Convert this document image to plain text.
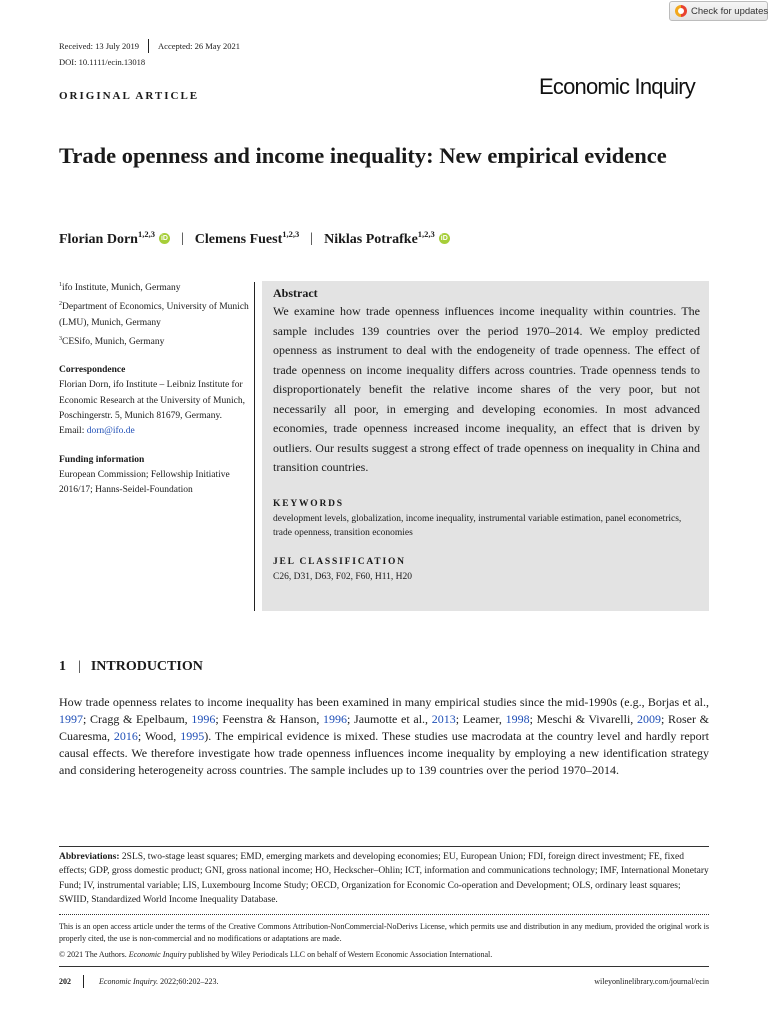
Check for updates
Received: 13 July 2019 Accepted: 26 May 2021
DOI: 10.1111/ecin.13018
ORIGINAL ARTICLE	Economic Inquiry
Trade openness and income inequality: New empirical evidence
Florian Dorn$^{1,2,3}$ iD | Clemens Fuest$^{1,2,3}$ | Niklas Potrafke$^{1,2,3}$ iD
$^1$ifo Institute, Munich, Germany
$^2$Department of Economics, University of Munich (LMU), Munich, Germany
$^3$CESifo, Munich, Germany
Correspondence
Florian Dorn, ifo Institute – Leibniz Institute for Economic Research at the University of Munich, Poschingerstr. 5, Munich 81679, Germany.
Email: dorn@ifo.de
Funding information
European Commission; Fellowship Initiative 2016/17; Hanns-Seidel-Foundation
Abstract
We examine how trade openness influences income inequality within countries. The sample includes 139 countries over the period 1970–2014. We employ predicted openness as instrument to deal with the endogeneity of trade openness. The effect of trade openness on income inequality differs across countries. Trade openness tends to disproportionately benefit the relative income shares of the very poor, but not necessarily all poor, in emerging and developing economies. In most advanced economies, trade openness increased income inequality, an effect that is driven by outliers. Our results suggest a strong effect of trade openness on inequality in China and transition countries.
KEYWORDS
development levels, globalization, income inequality, instrumental variable estimation, panel econometrics, trade openness, transition economies
JEL CLASSIFICATION
C26, D31, D63, F02, F60, H11, H20
1 | INTRODUCTION

How trade openness relates to income inequality has been examined in many empirical studies since the mid-1990s (e.g., Borjas et al., 1997; Cragg & Epelbaum, 1996; Feenstra & Hanson, 1996; Jaumotte et al., 2013; Leamer, 1998; Meschi & Vivarelli, 2009; Roser & Cuaresma, 2016; Wood, 1995). The empirical evidence is mixed. These studies use macrodata at the country level and hardly report causal effects. We therefore investigate how trade openness influences income inequality by employing a new identification strategy and considering heterogeneity across countries. The sample includes up to 139 countries over the period 1970–2014.

Abbreviations: 2SLS, two-stage least squares; EMD, emerging markets and developing economies; EU, European Union; FDI, foreign direct investment; FE, fixed effects; GDP, gross domestic product; GNI, gross national income; HO, Heckscher–Ohlin; ICT, information and communications technology; IMF, International Monetary Fund; IV, instrumental variable; LIS, Luxembourg Income Study; OECD, Organization for Economic Co-operation and Development; OLS, ordinary least squares; SWIID, Standardized World Income Inequality Database.
This is an open access article under the terms of the Creative Commons Attribution-NonCommercial-NoDerivs License, which permits use and distribution in any medium, provided the original work is properly cited, the use is non-commercial and no modifications or adaptations are made.
© 2021 The Authors. Economic Inquiry published by Wiley Periodicals LLC on behalf of Western Economic Association International.
202	Economic Inquiry. 2022;60:202–223.	wileyonlinelibrary.com/journal/ecin
